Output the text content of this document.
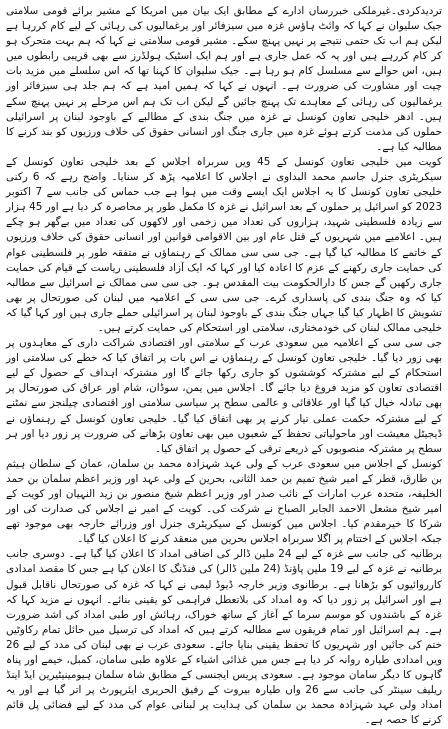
تردیدکردی۔غیرملکی خبررساں ادارے کے مطابق ایک بیان میں امریکا کے مشیر برائے قومی سلامتی جیک سلیوان نے کہا کہ وائٹ ہاؤس غزہ میں سیزفائر اور یرغمالیوں کی رہائی کے لیے کام کررہا ہے لیکن ہم اب تک حتمی نتیجے پر نہیں پہنچ سکے۔ مشیر قومی سلامتی نے کہا کہ ہم بہت متحرک ہو کر کام کررہے ہیں اور یہ کہ عمل جاری ہے اور ہم ایک اسٹیک ہولڈرز سے بھی قریبی رابطوں میں ہیں، اس حوالے سے مسلسل کام ہو رہا ہے۔ جیک سلیوان کا کہنا تھا کہ اس سلسلے میں مزید بات چیت اور مشاورت کی ضرورت ہے۔ انہوں نے کہا کہ ہمیں امید ہے کہ ہم جلد ہی سیزفائر اور یرغمالیوں کی رہائی کے معاہدے تک پہنچ جائیں گے لیکن اب تک ہم اس مرحلے پر نہیں پہنچ سکے ہیں۔ ادھر خلیجی تعاون کونسل نے غزہ میں جنگ بندی کے مطالبے کے باوجود لبنان پر اسرائیلی حملوں کی مذمت کرتے ہوئے غزہ میں جاری جنگ اور انسانی حقوق کی خلاف ورزیوں کو بند کرنے کا مطالبہ کیا ہے۔

کویت میں خلیجی تعاون کونسل کے 45 ویں سربراہ اجلاس کے بعد خلیجی تعاون کونسل کے سیکریٹری جنرل جاسم محمد البداوی نے اجلاس کا اعلامیہ پڑھ کر سنایا۔ واضح رہے کہ 6 رکنی خلیجی تعاون کونسل کا یہ اجلاس ایک ایسے وقت میں ہوا ہے جب حماس کی جانب سے 7 اکتوبر 2023 کو اسرائیل پر حملوں کے بعد اسرائیل نے غزہ کا مکمل طور پر محاصرہ کر دیا ہے اور 45 ہزار سے زیادہ فلسطینی شہید، ہزاروں کی تعداد میں زخمی اور لاکھوں کی تعداد میں بےگھر ہو چکے ہیں۔ اعلامیے میں شہریوں کے قتل عام اور بین الاقوامی قوانین اور انسانی حقوق کی خلاف ورزیوں کے خاتمے کا مطالبہ کیا گیا ہے۔ جی سی سی ممالک کے رہنماؤں نے متفقہ طور پر فلسطینی عوام کی حمایت جاری رکھنے کے عزم کا اعادہ کیا اور کہا کہ ایک آزاد فلسطینی ریاست کے قیام کی حمایت جاری رکھیں گے جس کا دارالحکومت بیت المقدس ہو۔ جی سی سی ممالک نے اسرائیل سے مطالبہ کیا کہ وہ جنگ بندی کی پاسداری کرے۔ جی سی سی کے اعلامیہ میں لبنان کی صورتحال پر بھی تشویش کا اظہار کیا گیا جہاں جنگ بندی کے باوجود لبنان پر اسرائیلی حملے جاری ہیں اور کہا گیا کہ خلیجی ممالک لبنان کی خودمختاری، سلامتی اور استحکام کی حمایت کرتے ہیں۔

جی سی سی کے اعلامیہ میں سعودی عرب کے سلامتی اور اقتصادی شراکت داری کے معاہدوں پر بھی زور دیا گیا۔ خلیجی تعاون کونسل کے رہنماؤں نے اس بات پر اتفاق کیا کہ خطے کی سلامتی اور استحکام کے لیے مشترکہ کوششوں کو جاری رکھا جائے گا اور مشترکہ اہداف کے حصول کے لیے اقتصادی تعاون کو مزید فروغ دیا جائے گا۔ اجلاس میں یمن، سوڈان، شام اور عراق کی صورتحال پر بھی تبادلہ خیال کیا گیا اور علاقائی و عالمی سطح پر سیاسی سلامتی اور اقتصادی چیلنجز سے نمٹنے کے لیے مشترکہ حکمت عملی تیار کرنے پر بھی اتفاق کیا گیا۔ خلیجی تعاون کونسل کے رہنماؤں نے ڈیجیٹل معیشت اور ماحولیاتی تحفظ کے شعبوں میں بھی تعاون بڑھانے کی ضرورت پر زور دیا اور ہر سطح پر مشترکہ منصوبوں کے ذریعے ترقی کے حصول پر اتفاق کیا۔

کونسل کے اجلاس میں سعودی عرب کے ولی عہد شہزادہ محمد بن سلمان، عمان کے سلطان ہیثم بن طارق، قطر کے امیر شیخ تمیم بن حمد الثانی، بحرین کے ولی عہد اور وزیر اعظم سلمان بن حمد الخلیفہ، متحدہ عرب امارات کے نائب صدر اور وزیر اعظم شیخ منصور بن زید النہیان اور کویت کے امیر شیخ مشعل الاحمد الجابر الصباح نے شرکت کی۔ کویت کے امیر نے اجلاس کی صدارت کی اور شرکا کا خیرمقدم کیا۔ اجلاس میں کونسل کے سیکریٹری جنرل اور وزرائے خارجہ بھی موجود تھے جبکہ اجلاس کے اختتام پر اگلا سربراہ اجلاس بحرین میں منعقد کرنے کا اعلان کیا گیا۔

برطانیہ کی جانب سے غزہ کے لیے 24 ملین ڈالر کی اضافی امداد کا اعلان کیا گیا ہے۔ دوسری جانب برطانیہ نے غزہ کے لیے 19 ملین پاؤنڈ (24 ملین ڈالر) کی فنڈنگ کا اعلان کیا ہے جس کا مقصد امدادی کارروائیوں کو بڑھانا ہے۔ برطانوی وزیر خارجہ ڈیوڈ لیمی نے کہا کہ غزہ کی صورتحال ناقابل قبول ہے اور اسرائیل پر زور دیا کہ وہ امداد کی بلاتعطل فراہمی کو یقینی بنائے۔ انہوں نے مزید کہا کہ غزہ کے باشندوں کو موسم سرما کے آغاز کے ساتھ خوراک، رہائش اور طبی امداد کی اشد ضرورت ہے۔ ہم اسرائیل اور تمام فریقوں سے مطالبہ کرتے ہیں کہ امداد کی ترسیل میں حائل تمام رکاوٹیں ختم کی جائیں اور شہریوں کا تحفظ یقینی بنایا جائے۔ سعودی عرب نے بھی لبنان کی مدد کے لیے 26 ویں امدادی طیارہ روانہ کر دیا ہے جس میں غذائی اشیاء کے علاوہ طبی سامان، کمبل، خیمے اور پناہ گاہوں کا دیگر سامان موجود ہے۔ سعودی پریس ایجنسی کے مطابق شاہ سلمان ہیومینیٹیرین ایڈ اینڈ ریلیف سینٹر کی جانب سے 26 واں طیارہ بیروت کے رفیق الحریری ایئرپورٹ پر اتر گیا ہے اور یہ امداد ولی عہد شہزادہ محمد بن سلمان کی ہدایت پر لبنانی عوام کی مدد کے لیے فضائی پل قائم کرنے کا حصہ ہے۔
